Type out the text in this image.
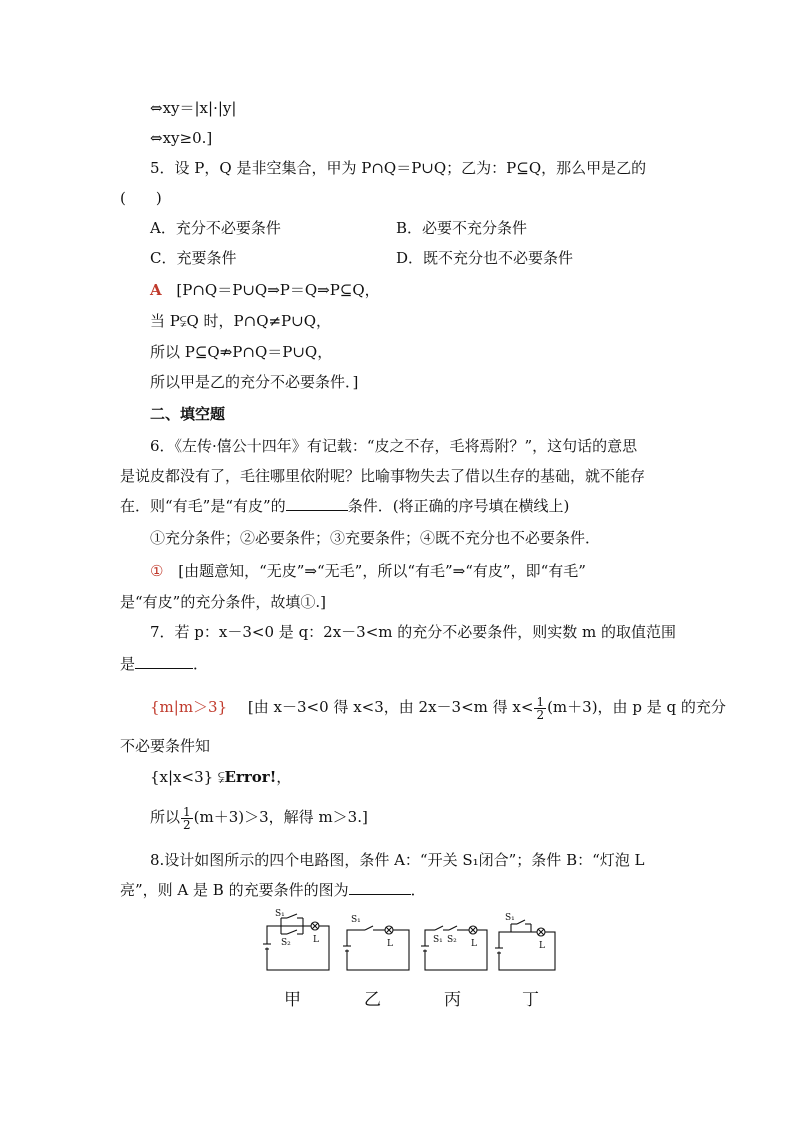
⇔xy＝|x|·|y|
⇔xy≥0.]
5．设 P，Q 是非空集合，甲为 P∩Q＝P∪Q；乙为：P⊆Q，那么甲是乙的
(　　)
A．充分不必要条件	B．必要不充分条件
C．充要条件	D．既不充分也不必要条件
A [P∩Q＝P∪Q⇒P＝Q⇒P⊆Q，
当 P⫋Q 时，P∩Q≠P∪Q，
所以 P⊆Q⇏P∩Q＝P∪Q，
所以甲是乙的充分不必要条件．]
二、填空题
6．《左传·僖公十四年》有记载：“皮之不存，毛将焉附？”，这句话的意思
是说皮都没有了，毛往哪里依附呢？比喻事物失去了借以生存的基础，就不能存
在．则“有毛”是“有皮”的	条件．(将正确的序号填在横线上)
①充分条件；②必要条件；③充要条件；④既不充分也不必要条件．
① [由题意知，“无皮”⇒“无毛”，所以“有毛”⇒“有皮”，即“有毛”
是“有皮”的充分条件，故填①.]
7．若 p：x－3<0 是 q：2x－3<m 的充分不必要条件，则实数 m 的取值范围
是	．
{m|m＞3} [由 x－3<0 得 x<3，由 2x－3<m 得 $x< \frac{1}{2} (m+3)$，由 p 是 q 的充分
不必要条件知
{x|x<3} ⫋Error!，
所以 $\frac{1}{2} (m+3)>3$，解得 m＞3.]
8.设计如图所示的四个电路图，条件 A：“开关 S₁闭合”；条件 B：“灯泡 L
亮”，则 A 是 B 的充要条件的图为	．
S₁
S₂ L
S₁
L	S₁ S₂ L
S₁
L
甲	乙	丙	丁
